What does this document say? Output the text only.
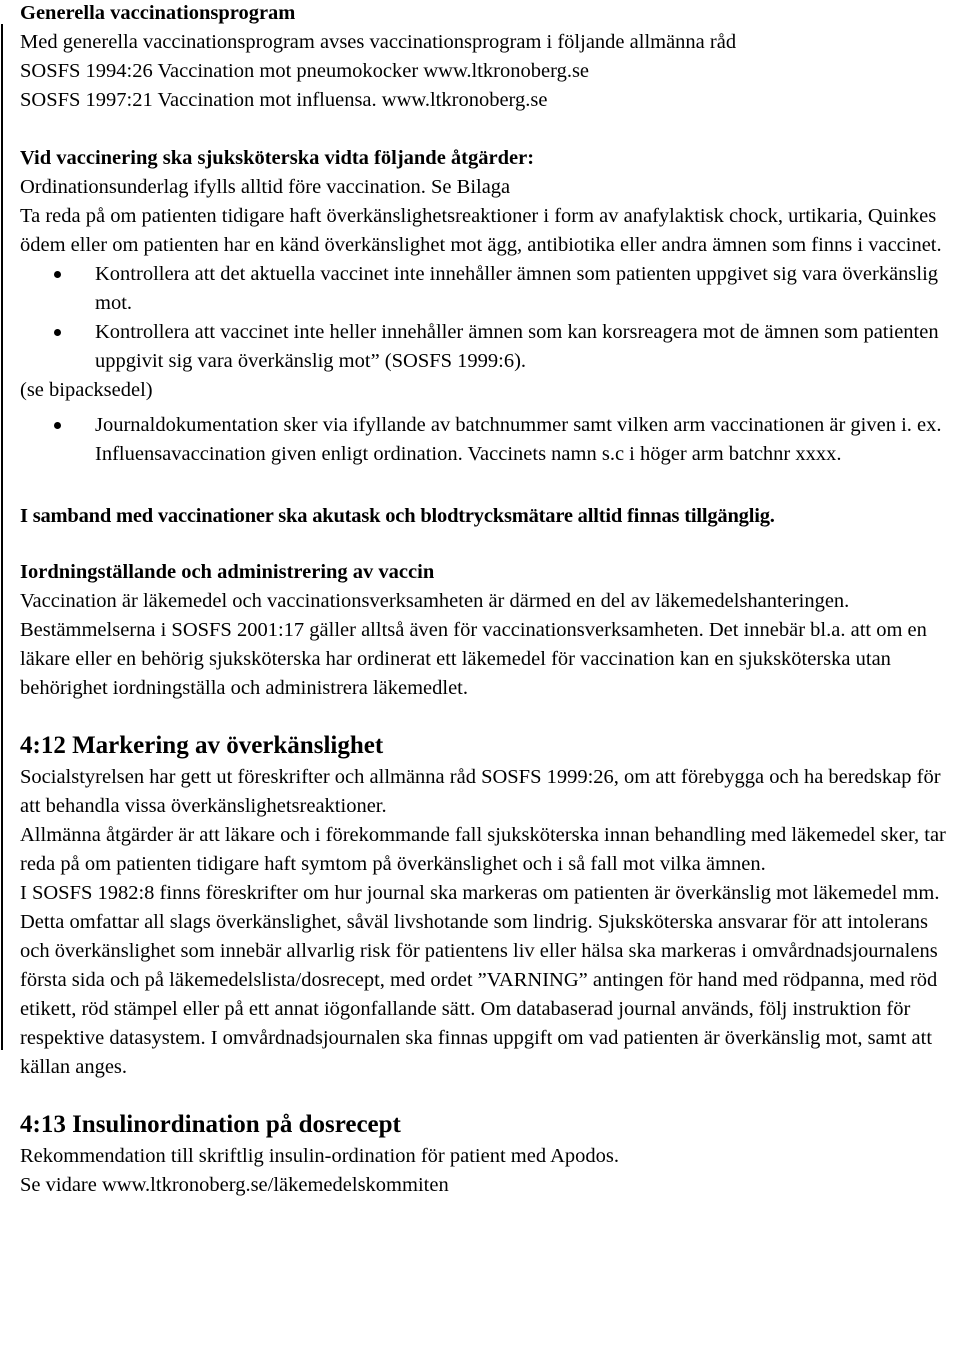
Generella vaccinationsprogram

Med generella vaccinationsprogram avses vaccinationsprogram i följande allmänna råd

SOSFS 1994:26 Vaccination mot pneumokocker www.ltkronoberg.se

SOSFS 1997:21 Vaccination mot influensa. www.ltkronoberg.se

Vid vaccinering ska sjuksköterska vidta följande åtgärder:

Ordinationsunderlag ifylls alltid före vaccination. Se Bilaga

Ta reda på om patienten tidigare haft överkänslighetsreaktioner i form av anafylaktisk chock, urtikaria, Quinkes ödem eller om patienten har en känd överkänslighet mot ägg, antibiotika eller andra ämnen som finns i vaccinet.

Kontrollera att det aktuella vaccinet inte innehåller ämnen som patienten uppgivet sig vara överkänslig mot.
Kontrollera att vaccinet inte heller innehåller ämnen som kan korsreagera mot de ämnen som patienten uppgivit sig vara överkänslig mot” (SOSFS 1999:6).

(se bipacksedel)

Journaldokumentation sker via ifyllande av batchnummer samt vilken arm vaccinationen är given i. ex. Influensavaccination given enligt ordination. Vaccinets namn s.c i höger arm batchnr xxxx.

I samband med vaccinationer ska akutask och blodtrycksmätare alltid finnas tillgänglig.

Iordningställande och administrering av vaccin

Vaccination är läkemedel och vaccinationsverksamheten är därmed en del av läkemedelshanteringen. Bestämmelserna i SOSFS 2001:17 gäller alltså även för vaccinationsverksamheten. Det innebär bl.a. att om en läkare eller en behörig sjuksköterska har ordinerat ett läkemedel för vaccination kan en sjuksköterska utan behörighet iordningställa och administrera läkemedlet.

4:12 Markering av överkänslighet

Socialstyrelsen har gett ut föreskrifter och allmänna råd SOSFS 1999:26, om att förebygga och ha beredskap för att behandla vissa överkänslighetsreaktioner.

Allmänna åtgärder är att läkare och i förekommande fall sjuksköterska innan behandling med läkemedel sker, tar reda på om patienten tidigare haft symtom på överkänslighet och i så fall mot vilka ämnen.

I SOSFS 1982:8 finns föreskrifter om hur journal ska markeras om patienten är överkänslig mot läkemedel mm. Detta omfattar all slags överkänslighet, såväl livshotande som lindrig. Sjuksköterska ansvarar för att intolerans och överkänslighet som innebär allvarlig risk för patientens liv eller hälsa ska markeras i omvårdnadsjournalens första sida och på läkemedelslista/dosrecept, med ordet ”VARNING” antingen för hand med rödpanna, med röd etikett, röd stämpel eller på ett annat iögonfallande sätt. Om databaserad journal används, följ instruktion för respektive datasystem. I omvårdnadsjournalen ska finnas uppgift om vad patienten är överkänslig mot, samt att källan anges.

4:13 Insulinordination på dosrecept

Rekommendation till skriftlig insulin-ordination för patient med Apodos.

Se vidare www.ltkronoberg.se/läkemedelskommiten
